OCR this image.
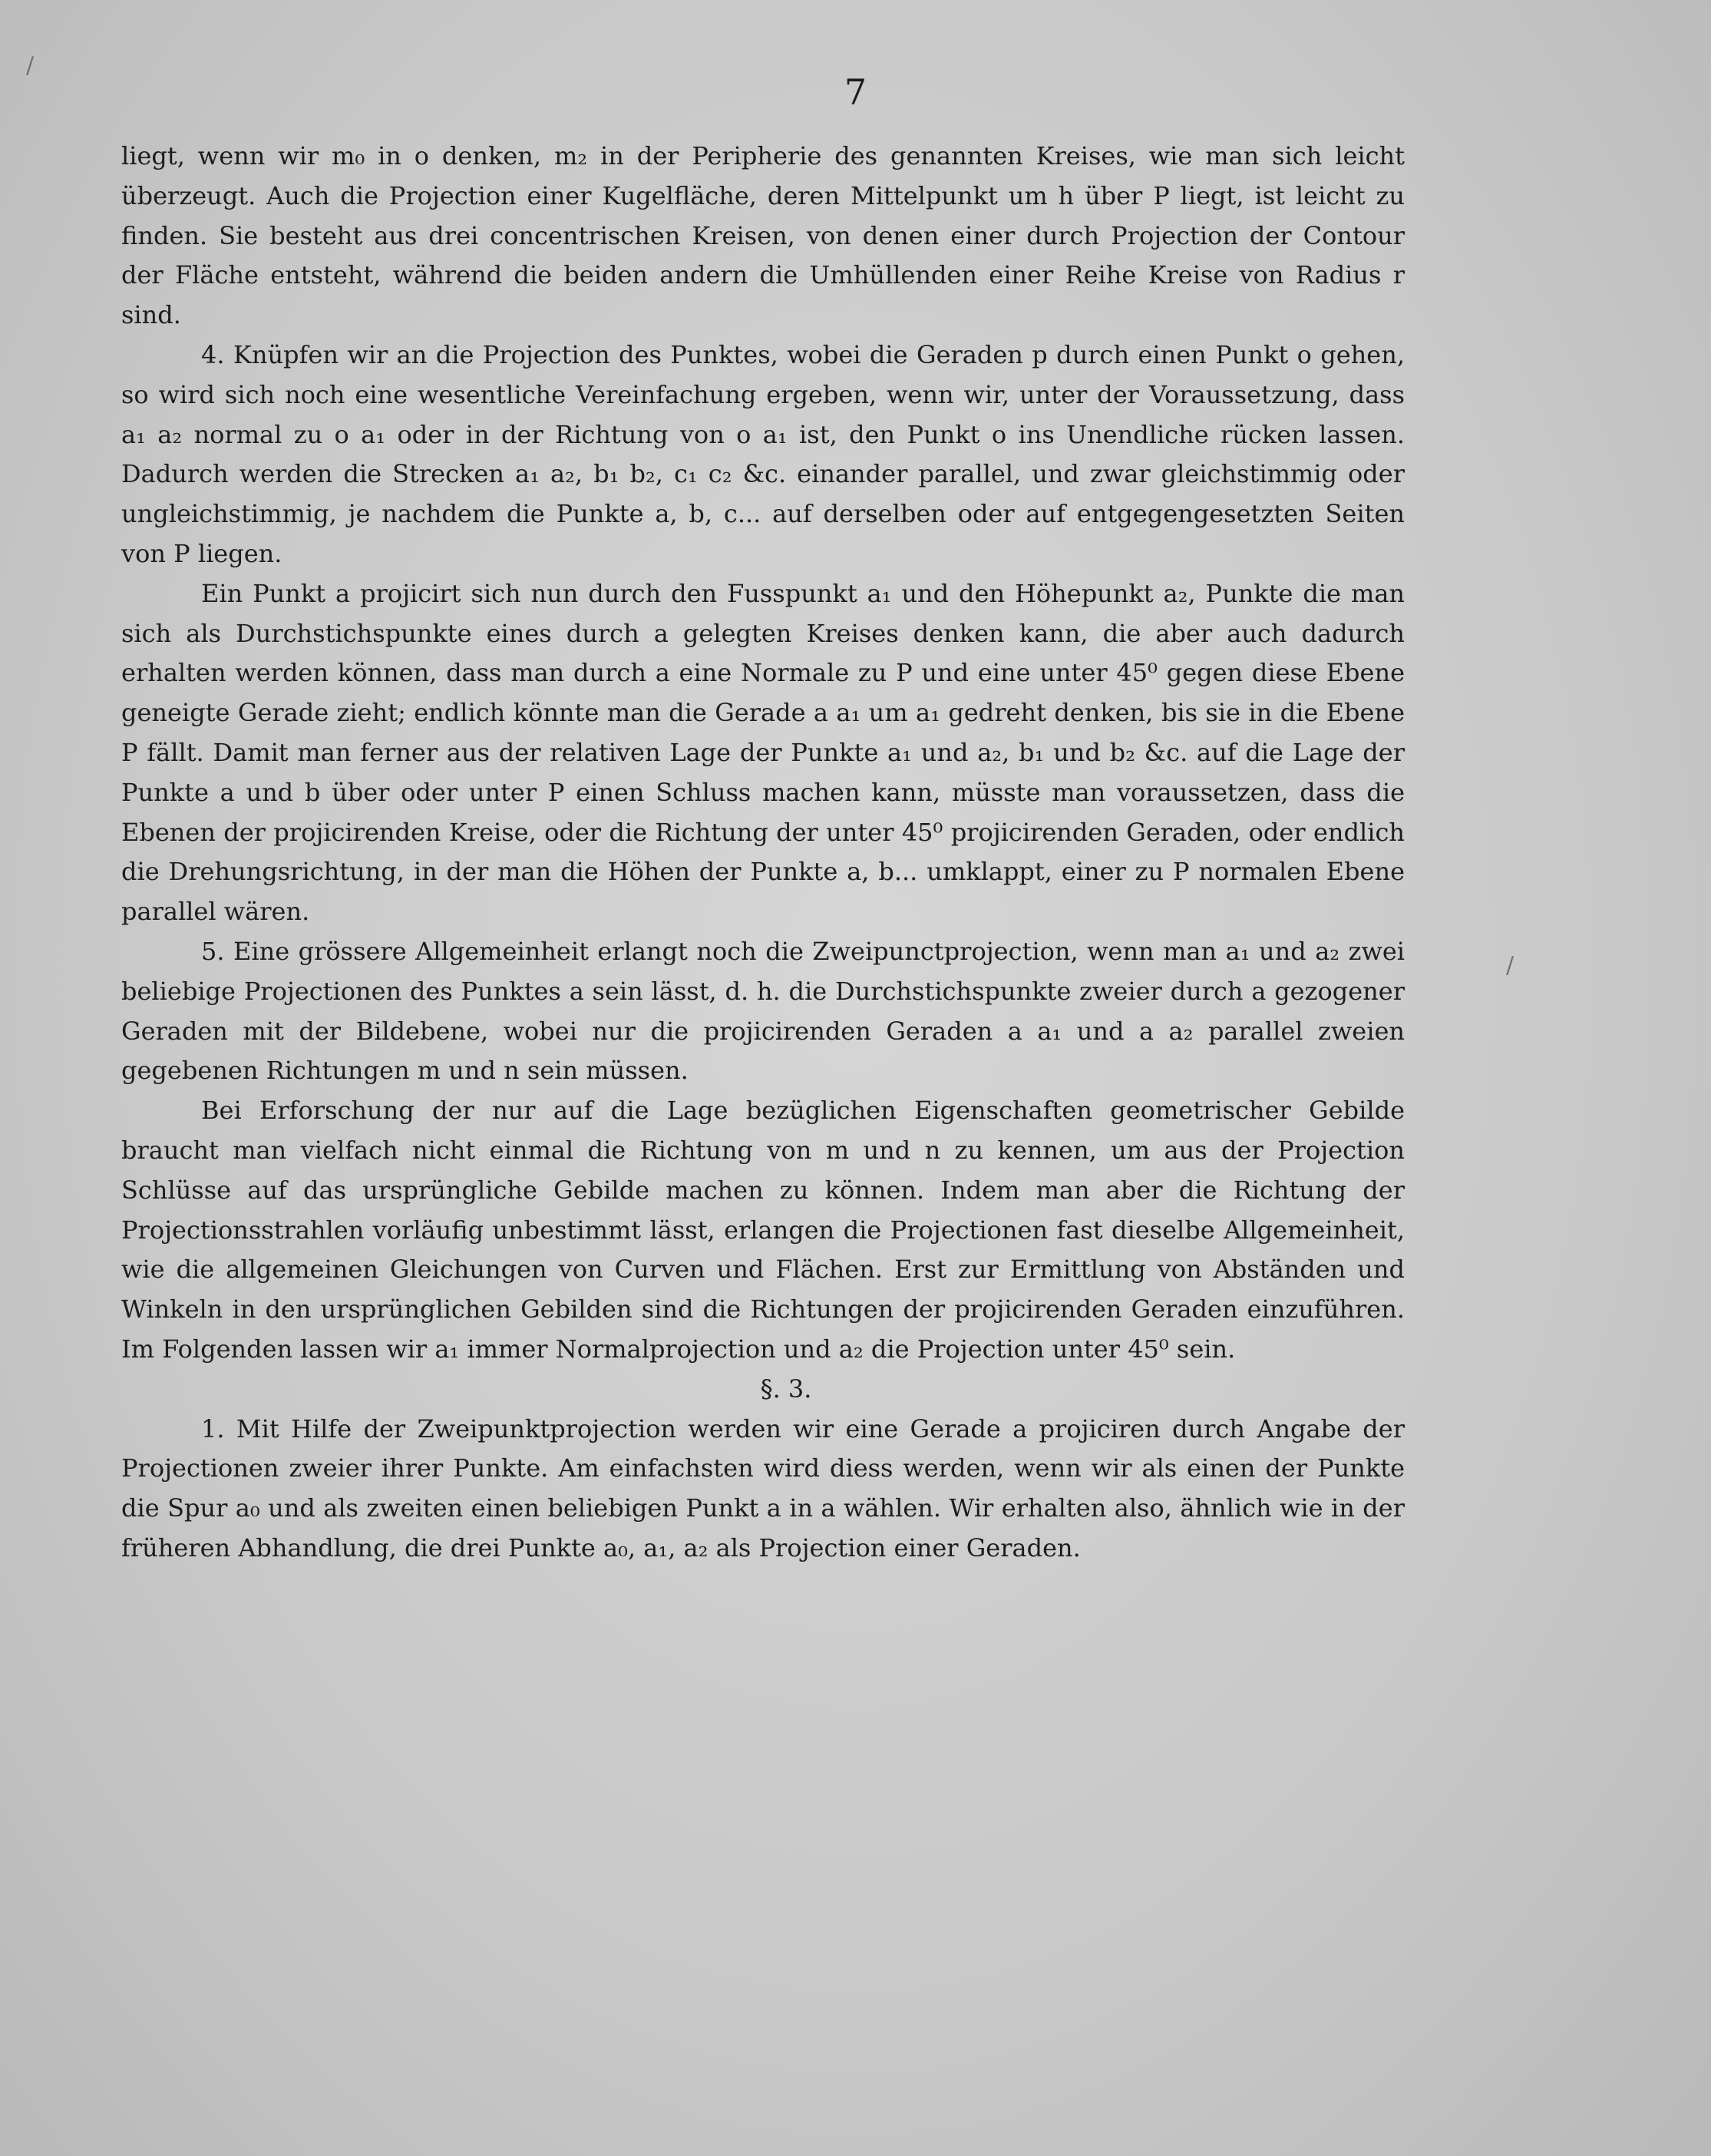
/
/
7

liegt, wenn wir m₀ in o denken, m₂ in der Peripherie des genannten Kreises, wie man sich leicht überzeugt. Auch die Projection einer Kugelfläche, deren Mittelpunkt um h über P liegt, ist leicht zu finden. Sie besteht aus drei concentrischen Kreisen, von denen einer durch Projection der Contour der Fläche entsteht, während die beiden andern die Umhüllenden einer Reihe Kreise von Radius r sind.

4. Knüpfen wir an die Projection des Punktes, wobei die Geraden p durch einen Punkt o gehen, so wird sich noch eine wesentliche Vereinfachung ergeben, wenn wir, unter der Voraussetzung, dass a₁ a₂ normal zu o a₁ oder in der Richtung von o a₁ ist, den Punkt o ins Unendliche rücken lassen. Dadurch werden die Strecken a₁ a₂, b₁ b₂, c₁ c₂ &c. einander parallel, und zwar gleichstimmig oder ungleichstimmig, je nachdem die Punkte a, b, c... auf derselben oder auf entgegengesetzten Seiten von P liegen.

Ein Punkt a projicirt sich nun durch den Fusspunkt a₁ und den Höhepunkt a₂, Punkte die man sich als Durchstichspunkte eines durch a gelegten Kreises denken kann, die aber auch dadurch erhalten werden können, dass man durch a eine Normale zu P und eine unter 45⁰ gegen diese Ebene geneigte Gerade zieht; endlich könnte man die Gerade a a₁ um a₁ gedreht denken, bis sie in die Ebene P fällt. Damit man ferner aus der relativen Lage der Punkte a₁ und a₂, b₁ und b₂ &c. auf die Lage der Punkte a und b über oder unter P einen Schluss machen kann, müsste man voraussetzen, dass die Ebenen der projicirenden Kreise, oder die Richtung der unter 45⁰ projicirenden Geraden, oder endlich die Drehungsrichtung, in der man die Höhen der Punkte a, b... umklappt, einer zu P normalen Ebene parallel wären.

5. Eine grössere Allgemeinheit erlangt noch die Zweipunctprojection, wenn man a₁ und a₂ zwei beliebige Projectionen des Punktes a sein lässt, d. h. die Durchstichspunkte zweier durch a gezogener Geraden mit der Bildebene, wobei nur die projicirenden Geraden a a₁ und a a₂ parallel zweien gegebenen Richtungen m und n sein müssen.

Bei Erforschung der nur auf die Lage bezüglichen Eigenschaften geometrischer Gebilde braucht man vielfach nicht einmal die Richtung von m und n zu kennen, um aus der Projection Schlüsse auf das ursprüngliche Gebilde machen zu können. Indem man aber die Richtung der Projectionsstrahlen vorläufig unbestimmt lässt, erlangen die Projectionen fast dieselbe Allgemeinheit, wie die allgemeinen Gleichungen von Curven und Flächen. Erst zur Ermittlung von Abständen und Winkeln in den ursprünglichen Gebilden sind die Richtungen der projicirenden Geraden einzuführen. Im Folgenden lassen wir a₁ immer Normalprojection und a₂ die Projection unter 45⁰ sein.

§. 3.

1. Mit Hilfe der Zweipunktprojection werden wir eine Gerade a projiciren durch Angabe der Projectionen zweier ihrer Punkte. Am einfachsten wird diess werden, wenn wir als einen der Punkte die Spur a₀ und als zweiten einen beliebigen Punkt a in a wählen. Wir erhalten also, ähnlich wie in der früheren Abhandlung, die drei Punkte a₀, a₁, a₂ als Projection einer Geraden.
